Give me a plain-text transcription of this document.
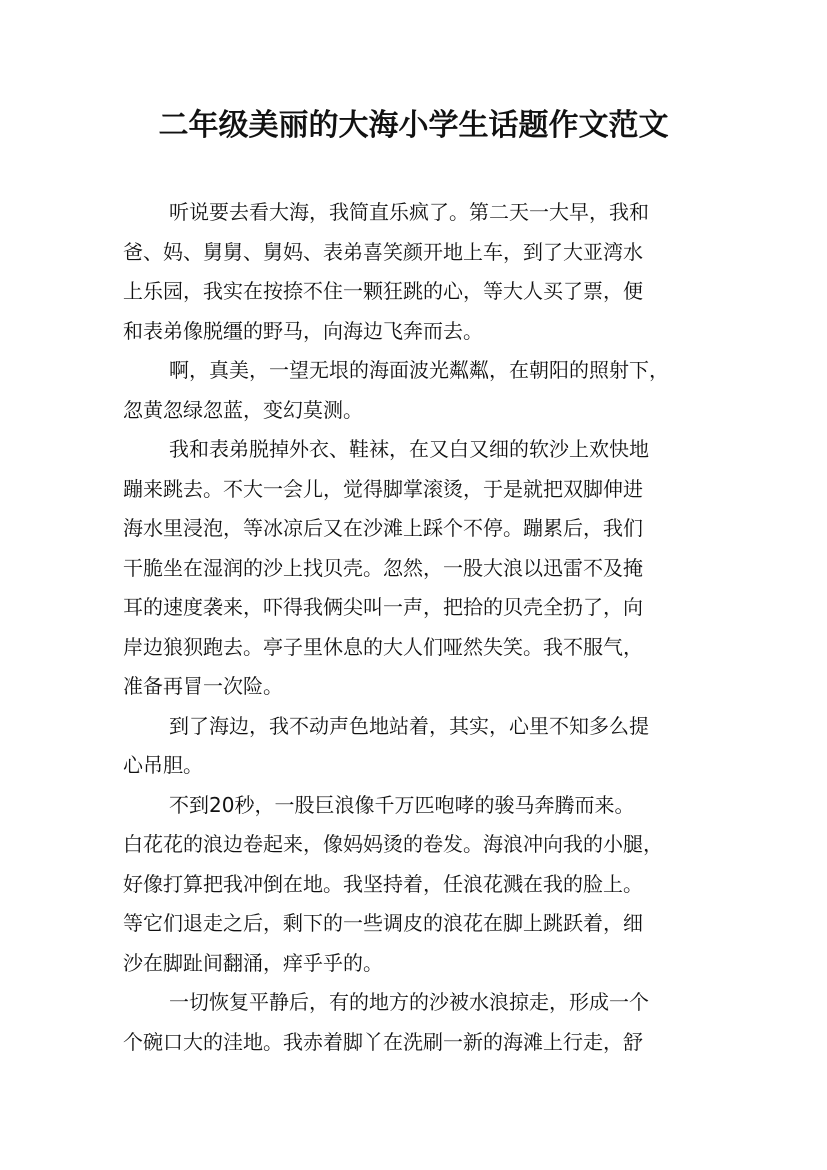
二年级美丽的大海小学生话题作文范文
听说要去看大海，我简直乐疯了。第二天一大早，我和
爸、妈、舅舅、舅妈、表弟喜笑颜开地上车，到了大亚湾水
上乐园，我实在按捺不住一颗狂跳的心，等大人买了票，便
和表弟像脱缰的野马，向海边飞奔而去。
啊，真美，一望无垠的海面波光粼粼，在朝阳的照射下，
忽黄忽绿忽蓝，变幻莫测。
我和表弟脱掉外衣、鞋袜，在又白又细的软沙上欢快地
蹦来跳去。不大一会儿，觉得脚掌滚烫，于是就把双脚伸进
海水里浸泡，等冰凉后又在沙滩上踩个不停。蹦累后，我们
干脆坐在湿润的沙上找贝壳。忽然，一股大浪以迅雷不及掩
耳的速度袭来，吓得我俩尖叫一声，把拾的贝壳全扔了，向
岸边狼狈跑去。亭子里休息的大人们哑然失笑。我不服气，
准备再冒一次险。
到了海边，我不动声色地站着，其实，心里不知多么提
心吊胆。
不到20秒，一股巨浪像千万匹咆哮的骏马奔腾而来。
白花花的浪边卷起来，像妈妈烫的卷发。海浪冲向我的小腿，
好像打算把我冲倒在地。我坚持着，任浪花溅在我的脸上。
等它们退走之后，剩下的一些调皮的浪花在脚上跳跃着，细
沙在脚趾间翻涌，痒乎乎的。
一切恢复平静后，有的地方的沙被水浪掠走，形成一个
个碗口大的洼地。我赤着脚丫在洗刷一新的海滩上行走，舒
